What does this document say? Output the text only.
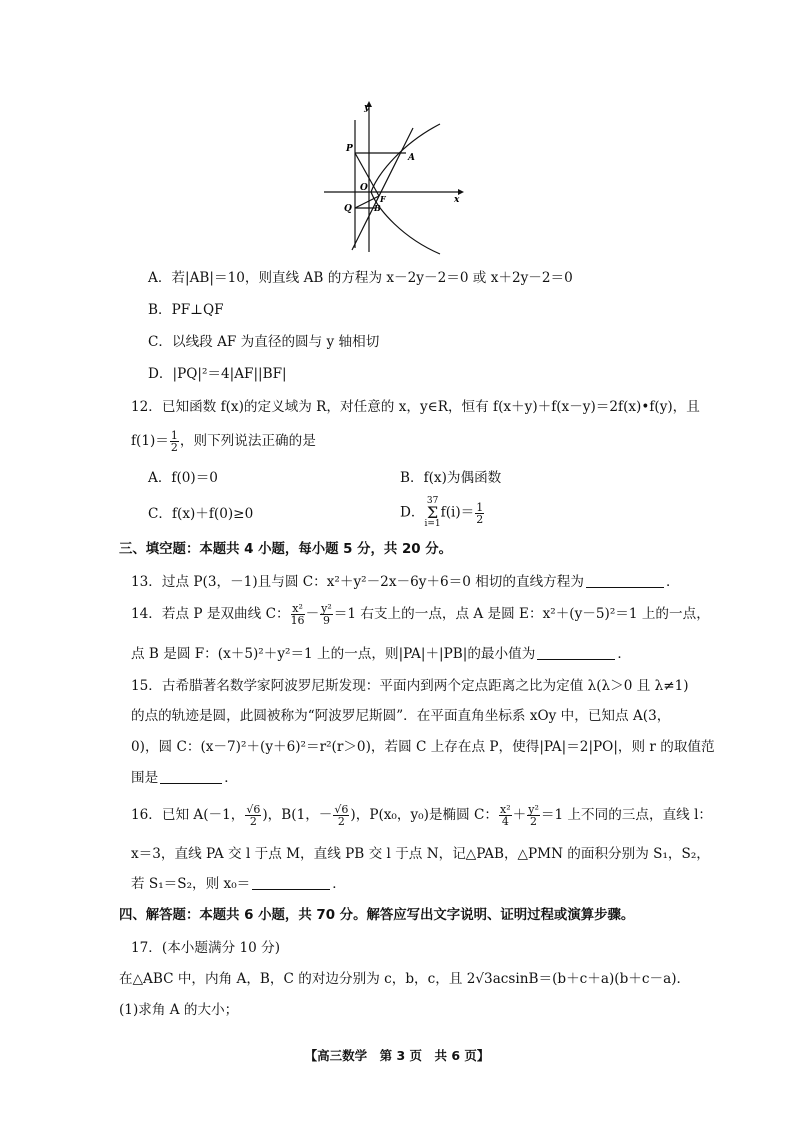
y
x
P
A
O
F
Q	B
A．若|AB|＝10，则直线 AB 的方程为 x－2y－2＝0 或 x＋2y－2＝0
B．PF⊥QF
C．以线段 AF 为直径的圆与 y 轴相切
D．|PQ|²＝4|AF||BF|
12．已知函数 f(x)的定义域为 R，对任意的 x，y∈R，恒有 f(x＋y)＋f(x－y)＝2f(x)•f(y)，且
$f(1)= \frac{1}{2}$ ，则下列说法正确的是
A．f(0)＝0	B．f(x)为偶函数
C．f(x)＋f(0)≥0	D．
37
Σ
i=1
$f(i)= \frac{1}{2}$
三、填空题：本题共 4 小题，每小题 5 分，共 20 分。
13．过点 P(3，－1)且与圆 C：x²＋y²－2x－6y＋6＝0 相切的直线方程为	．
14．若点 P 是双曲线 C： $\frac{\text{x²}}{16} - \frac{\text{y²}}{9} =1$ 右支上的一点，点 A 是圆 E：x²＋(y－5)²＝1 上的一点，
点 B 是圆 F：(x＋5)²＋y²＝1 上的一点，则|PA|＋|PB|的最小值为	．
15．古希腊著名数学家阿波罗尼斯发现：平面内到两个定点距离之比为定值 λ(λ＞0 且 λ≠1)
的点的轨迹是圆，此圆被称为“阿波罗尼斯圆”．在平面直角坐标系 xOy 中，已知点 A(3，
0)，圆 C：(x－7)²＋(y＋6)²＝r²(r＞0)，若圆 C 上存在点 P，使得|PA|＝2|PO|，则 r 的取值范
围是	．
16．已知 A(－1， $\frac{√6}{2}$ )，B(1，－ $\frac{√6}{2}$ )，P(x₀，y₀)是椭圆 C： $\frac{\text{x²}}{4} + \frac{\text{y²}}{2} =1$ 上不同的三点，直线 l：
x＝3，直线 PA 交 l 于点 M，直线 PB 交 l 于点 N，记△PAB，△PMN 的面积分别为 S₁，S₂，
若 S₁＝S₂，则 x₀＝	．
四、解答题：本题共 6 小题，共 70 分。解答应写出文字说明、证明过程或演算步骤。
17．(本小题满分 10 分)
在△ABC 中，内角 A，B，C 的对边分别为 c，b，c，且 2√3acsinB＝(b＋c＋a)(b＋c－a)．
(1)求角 A 的大小；
【高三数学　第 3 页　共 6 页】
